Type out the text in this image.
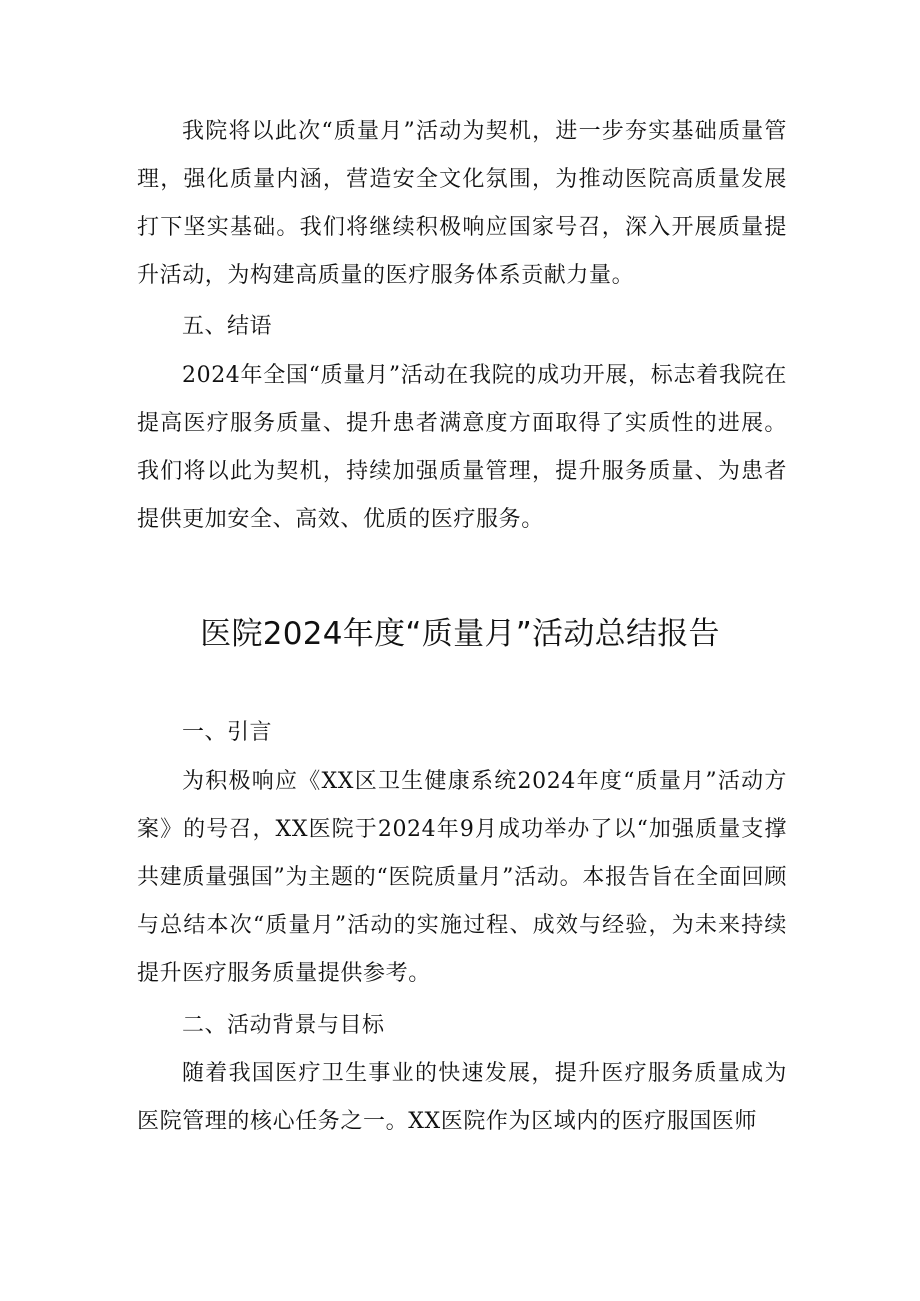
我院将以此次“质量月”活动为契机，进一步夯实基础质量管理，强化质量内涵，营造安全文化氛围，为推动医院高质量发展打下坚实基础。我们将继续积极响应国家号召，深入开展质量提升活动，为构建高质量的医疗服务体系贡献力量。

五、结语

2024年全国“质量月”活动在我院的成功开展，标志着我院在提高医疗服务质量、提升患者满意度方面取得了实质性的进展。我们将以此为契机，持续加强质量管理，提升服务质量、为患者提供更加安全、高效、优质的医疗服务。

医院2024年度“质量月”活动总结报告
一、引言

为积极响应《XX区卫生健康系统2024年度“质量月”活动方案》的号召，XX医院于2024年9月成功举办了以“加强质量支撑共建质量强国”为主题的“医院质量月”活动。本报告旨在全面回顾与总结本次“质量月”活动的实施过程、成效与经验，为未来持续提升医疗服务质量提供参考。

二、活动背景与目标

随着我国医疗卫生事业的快速发展，提升医疗服务质量成为医院管理的核心任务之一。XX医院作为区域内的医疗服国医师
